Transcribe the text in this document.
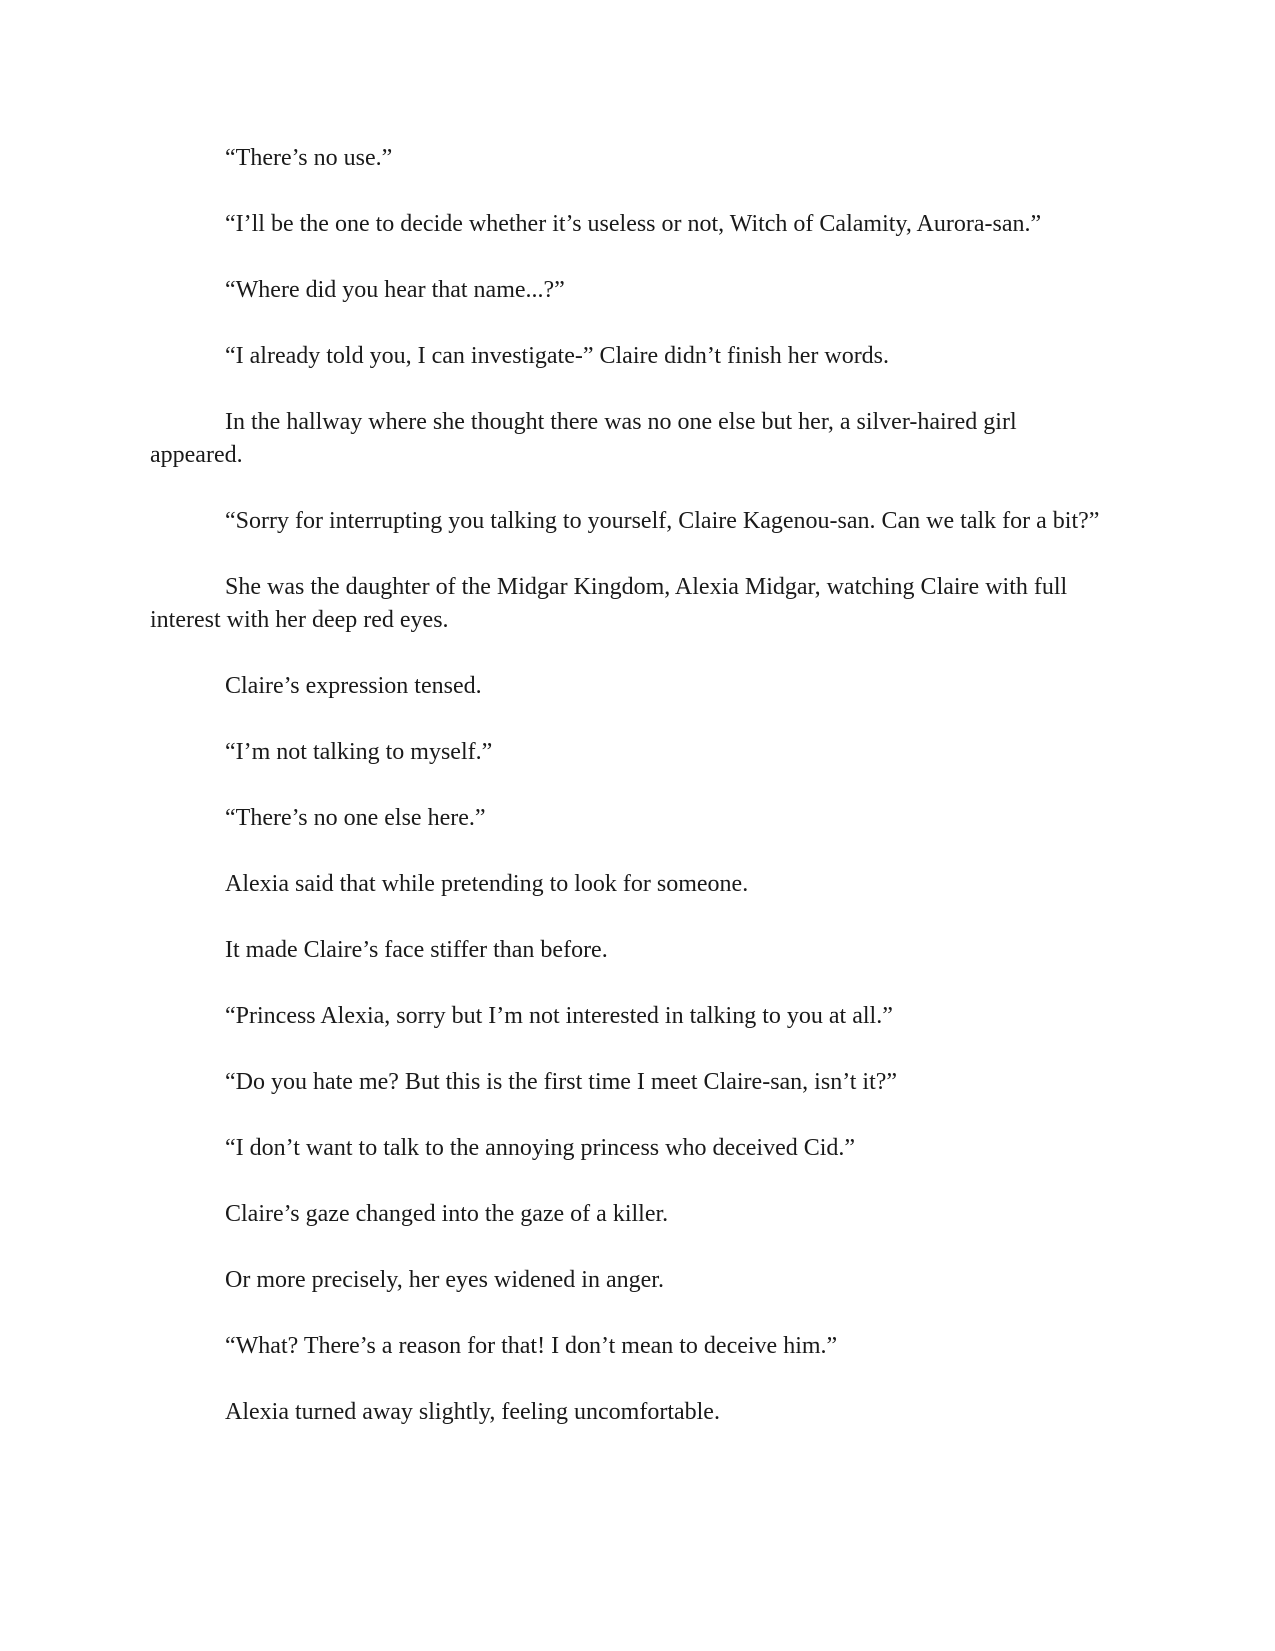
“There’s no use.”

“I’ll be the one to decide whether it’s useless or not, Witch of Calamity, Aurora-san.”

“Where did you hear that name...?”

“I already told you, I can investigate-” Claire didn’t finish her words.

In the hallway where she thought there was no one else but her, a silver-haired girl appeared.

“Sorry for interrupting you talking to yourself, Claire Kagenou-san. Can we talk for a bit?”

She was the daughter of the Midgar Kingdom, Alexia Midgar, watching Claire with full interest with her deep red eyes.

Claire’s expression tensed.

“I’m not talking to myself.”

“There’s no one else here.”

Alexia said that while pretending to look for someone.

It made Claire’s face stiffer than before.

“Princess Alexia, sorry but I’m not interested in talking to you at all.”

“Do you hate me? But this is the first time I meet Claire-san, isn’t it?”

“I don’t want to talk to the annoying princess who deceived Cid.”

Claire’s gaze changed into the gaze of a killer.

Or more precisely, her eyes widened in anger.

“What? There’s a reason for that! I don’t mean to deceive him.”

Alexia turned away slightly, feeling uncomfortable.
